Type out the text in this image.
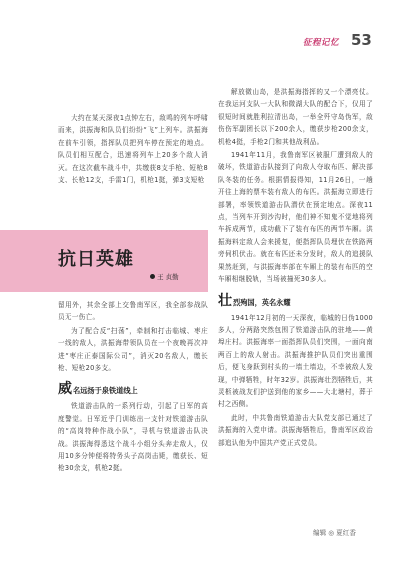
征程记忆 53

大约在某天深夜1点钟左右，敌鸣的列车呼啸而来，洪振海和队员们纷纷“飞”上列车。洪振海在前车引领，指挥队员把列车停在预定的地点。队员们相互配合，迅速将列车上20多个敌人消灭。在这次截车战斗中，共缴获8支手枪、短枪8支、长枪12支，手雷1门，机枪1挺，弹3支短枪

抗日英雄
王 贞勤

留用外，其余全部上交鲁南军区，我全部参战队员无一伤亡。

为了配合反“扫荡”，牵制和打击临城、枣庄一线的敌人，洪振海带领队员在一个夜晚再次冲进“枣庄正泰国际公司”，消灭20名敌人，缴长枪、短枪20多支。

威 名远扬于泉铁道线上

铁道游击队的一系列行动，引起了日军的高度警觉。日军近乎门训练出一支针对铁道游击队的“高岗特种作战小队”，寻机与铁道游击队决战。洪振海得悉这个战斗小组分头奔走敌人，仅用10多分钟便将特务头子高岗击毙，缴获长、短枪30余支，机枪2挺。

解放微山岛，是洪振海指挥的又一个漂亮仗。在我运河支队一大队和微湖大队的配合下，仅用了很短时间就胜利拉清出岛，一举全歼守岛伪军，敌伤伤军副团长以下200余人，缴获步枪200余支，机枪4挺，手枪2门和其他战利品。

1941年11月，我鲁南军区被服厂遭到敌人的破坏，铁道游击队接到了向敌人夺取布匹、解决部队冬装的任务。根据情报得知，11月26日，一趟开往上海的票车装有敌人的布匹。洪振海立即进行部署，率领铁道游击队潜伏在预定地点。深夜11点，当列车开到沙沟时，他们神不知鬼不觉地将列车拆成两节，成功截下了装有布匹的两节车厢。洪振海料定敌人会来援复，便指挥队员埋伏在铁路两旁伺机伏击。就在布匹还未分发时，敌人的追援队果然赶到，与洪振海率部在车厢上的装有布匹的空车厢相继脱轨，当场被撞死30多人。

壮 烈殉国，英名永耀

1941年12月初的一天深夜，临城的日伪1000多人，分两路突然包围了铁道游击队的驻地——黄埠庄村。洪振海率一面指挥队员们突围，一面向南两百上的敌人射击。洪振海推护队员们突出重围后，便飞身跃到村头的一墙土墙边，不幸被敌人发现，中弹牺牲，时年32岁。洪振海壮烈牺牲后，其灵柩被战友们护送到他的家乡——大北塘村，葬于村之西侧。

此时，中共鲁南铁道游击大队党支部已通过了洪振海的入党申请。洪振海牺牲后，鲁南军区政治部追认他为中国共产党正式党员。

编辑 ◎ 夏红香
